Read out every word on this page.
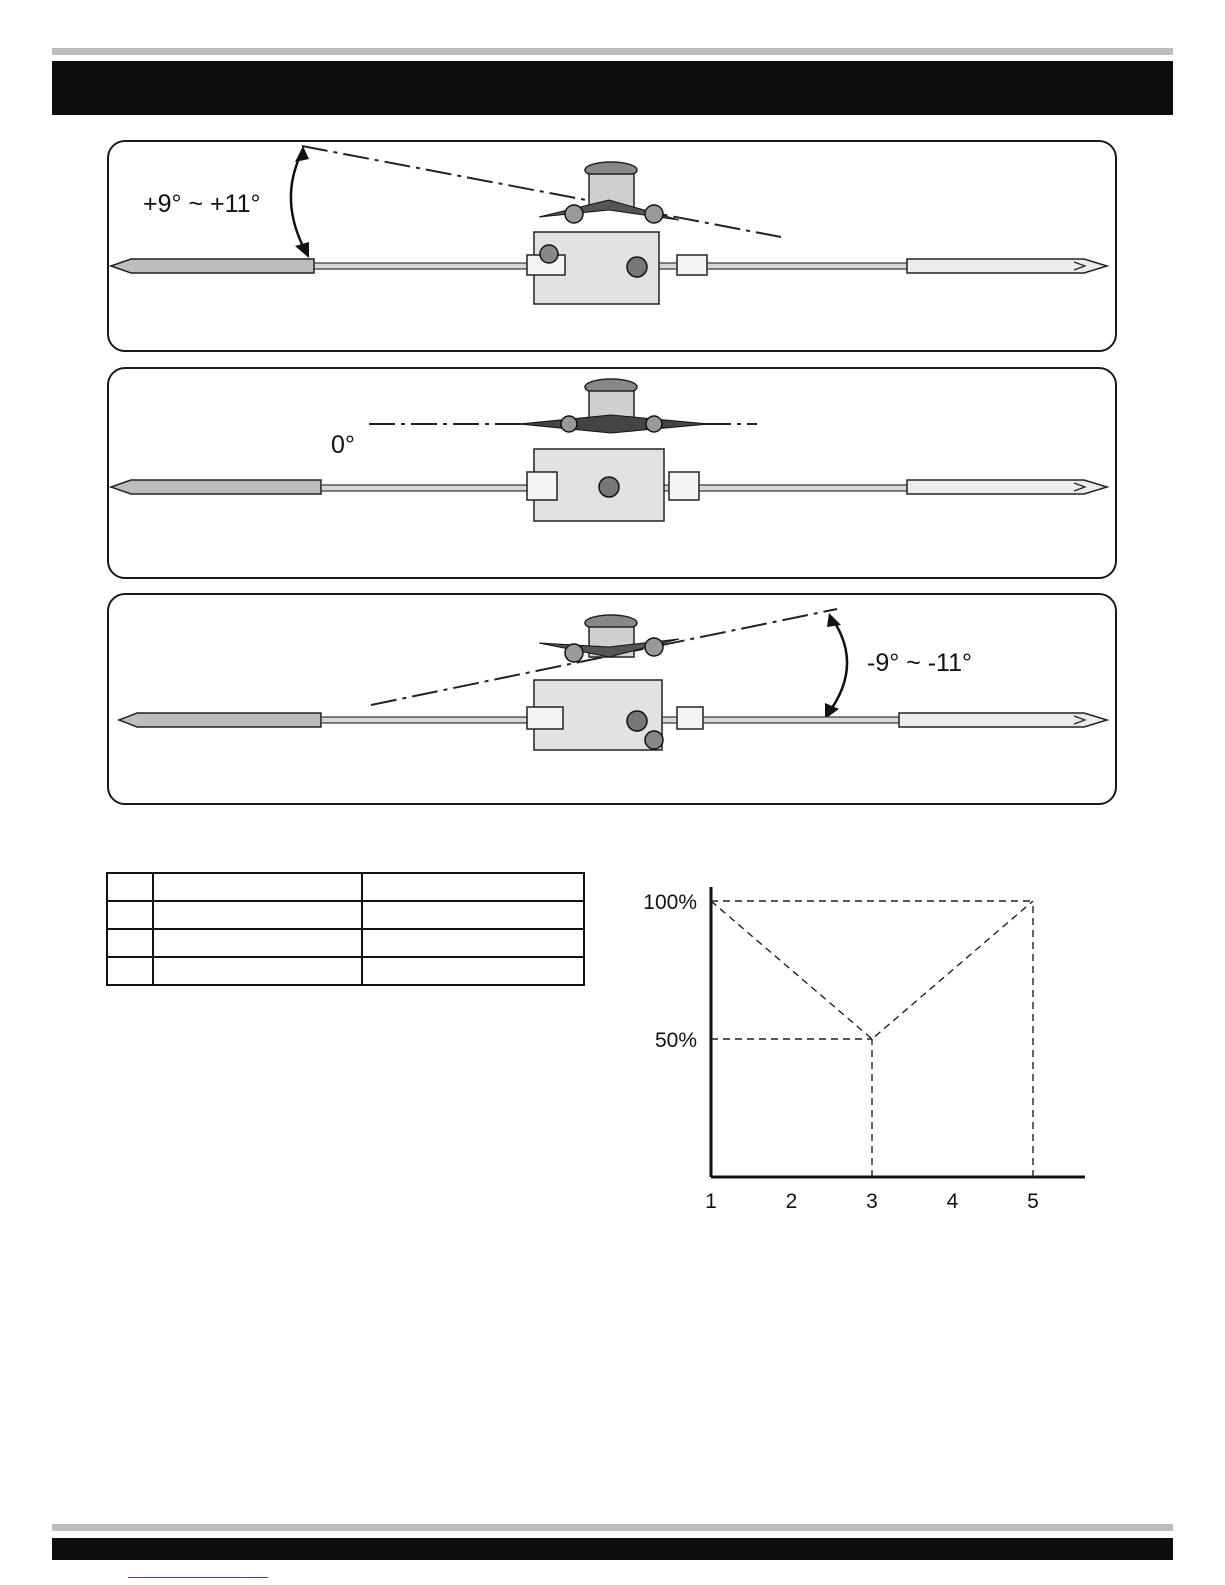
+9° ~ +11°
0°
-9° ~ -11°

1	2	3	4	5
100%
50%
